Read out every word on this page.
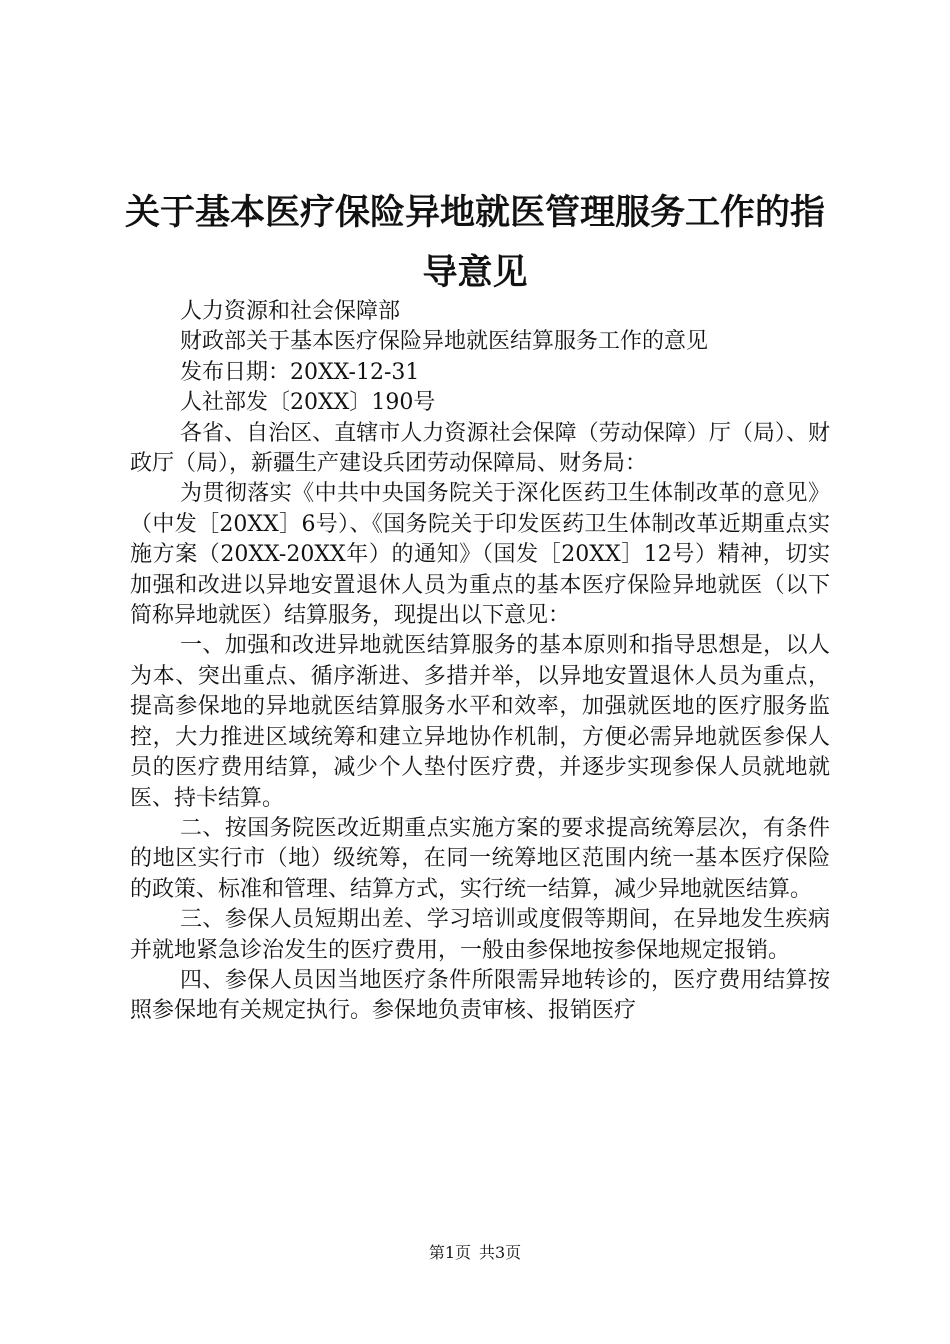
关于基本医疗保险异地就医管理服务工作的指导意见

人力资源和社会保障部

财政部关于基本医疗保险异地就医结算服务工作的意见

发布日期：20XX-12-31

人社部发〔20XX〕190号

各省、自治区、直辖市人力资源社会保障（劳动保障）厅（局）、财政厅（局），新疆生产建设兵团劳动保障局、财务局：

为贯彻落实《中共中央国务院关于深化医药卫生体制改革的意见》（中发［20XX］6号）、《国务院关于印发医药卫生体制改革近期重点实施方案（20XX-20XX年）的通知》（国发［20XX］12号）精神，切实加强和改进以异地安置退休人员为重点的基本医疗保险异地就医（以下简称异地就医）结算服务，现提出以下意见：

一、加强和改进异地就医结算服务的基本原则和指导思想是，以人为本、突出重点、循序渐进、多措并举，以异地安置退休人员为重点，提高参保地的异地就医结算服务水平和效率，加强就医地的医疗服务监控，大力推进区域统筹和建立异地协作机制，方便必需异地就医参保人员的医疗费用结算，减少个人垫付医疗费，并逐步实现参保人员就地就医、持卡结算。

二、按国务院医改近期重点实施方案的要求提高统筹层次，有条件的地区实行市（地）级统筹，在同一统筹地区范围内统一基本医疗保险的政策、标准和管理、结算方式，实行统一结算，减少异地就医结算。

三、参保人员短期出差、学习培训或度假等期间，在异地发生疾病并就地紧急诊治发生的医疗费用，一般由参保地按参保地规定报销。

四、参保人员因当地医疗条件所限需异地转诊的，医疗费用结算按照参保地有关规定执行。参保地负责审核、报销医疗

第1页 共3页
